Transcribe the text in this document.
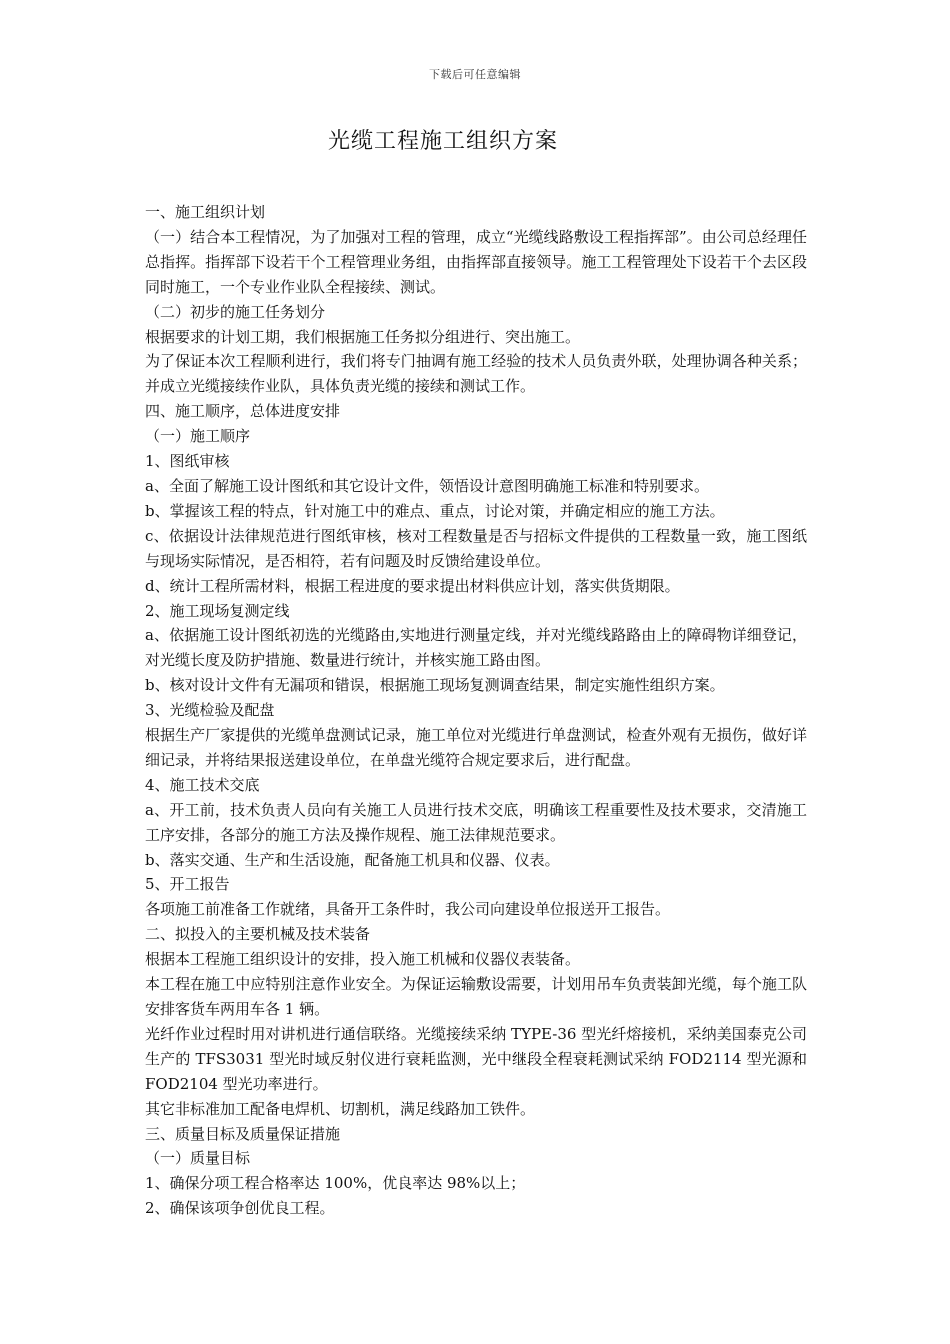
下载后可任意编辑
光缆工程施工组织方案

一、施工组织计划

（一）结合本工程情况，为了加强对工程的管理，成立“光缆线路敷设工程指挥部”。由公司总经理任总指挥。指挥部下设若干个工程管理业务组，由指挥部直接领导。施工工程管理处下设若干个去区段同时施工，一个专业作业队全程接续、测试。

（二）初步的施工任务划分

根据要求的计划工期，我们根据施工任务拟分组进行、突出施工。

为了保证本次工程顺利进行，我们将专门抽调有施工经验的技术人员负责外联，处理协调各种关系；并成立光缆接续作业队，具体负责光缆的接续和测试工作。

四、施工顺序，总体进度安排

（一）施工顺序

1、图纸审核

a、全面了解施工设计图纸和其它设计文件，领悟设计意图明确施工标准和特别要求。

b、掌握该工程的特点，针对施工中的难点、重点，讨论对策，并确定相应的施工方法。

c、依据设计法律规范进行图纸审核，核对工程数量是否与招标文件提供的工程数量一致，施工图纸与现场实际情况，是否相符，若有问题及时反馈给建设单位。

d、统计工程所需材料，根据工程进度的要求提出材料供应计划，落实供货期限。

2、施工现场复测定线

a、依据施工设计图纸初选的光缆路由,实地进行测量定线，并对光缆线路路由上的障碍物详细登记，对光缆长度及防护措施、数量进行统计，并核实施工路由图。

b、核对设计文件有无漏项和错误，根据施工现场复测调查结果，制定实施性组织方案。

3、光缆检验及配盘

根据生产厂家提供的光缆单盘测试记录，施工单位对光缆进行单盘测试，检查外观有无损伤，做好详细记录，并将结果报送建设单位，在单盘光缆符合规定要求后，进行配盘。

4、施工技术交底

a、开工前，技术负责人员向有关施工人员进行技术交底，明确该工程重要性及技术要求，交清施工工序安排，各部分的施工方法及操作规程、施工法律规范要求。

b、落实交通、生产和生活设施，配备施工机具和仪器、仪表。

5、开工报告

各项施工前准备工作就绪，具备开工条件时，我公司向建设单位报送开工报告。

二、拟投入的主要机械及技术装备

根据本工程施工组织设计的安排，投入施工机械和仪器仪表装备。

本工程在施工中应特别注意作业安全。为保证运输敷设需要，计划用吊车负责装卸光缆，每个施工队安排客货车两用车各 1 辆。

光纤作业过程时用对讲机进行通信联络。光缆接续采纳 TYPE-36 型光纤熔接机，采纳美国泰克公司生产的 TFS3031 型光时域反射仪进行衰耗监测，光中继段全程衰耗测试采纳 FOD2114 型光源和 FOD2104 型光功率进行。

其它非标准加工配备电焊机、切割机，满足线路加工铁件。

三、质量目标及质量保证措施

（一）质量目标

1、确保分项工程合格率达 100%，优良率达 98%以上；

2、确保该项争创优良工程。
